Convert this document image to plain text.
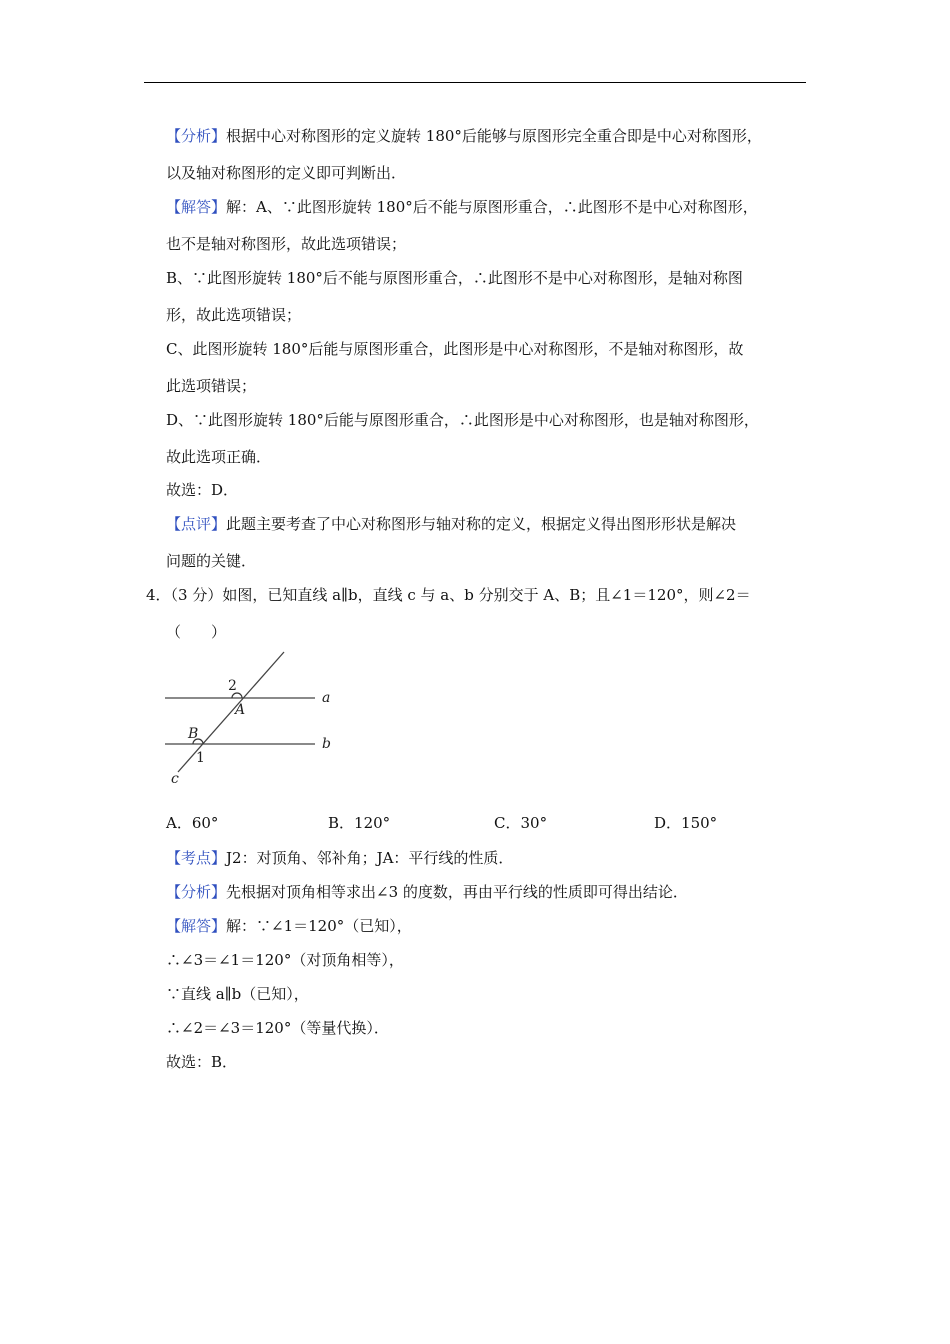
【分析】根据中心对称图形的定义旋转 180°后能够与原图形完全重合即是中心对称图形，
以及轴对称图形的定义即可判断出．
【解答】解：A、∵此图形旋转 180°后不能与原图形重合，∴此图形不是中心对称图形，
也不是轴对称图形，故此选项错误；
B、∵此图形旋转 180°后不能与原图形重合，∴此图形不是中心对称图形，是轴对称图
形，故此选项错误；
C、此图形旋转 180°后能与原图形重合，此图形是中心对称图形，不是轴对称图形，故
此选项错误；
D、∵此图形旋转 180°后能与原图形重合，∴此图形是中心对称图形，也是轴对称图形，
故此选项正确．
故选：D．
【点评】此题主要考查了中心对称图形与轴对称的定义，根据定义得出图形形状是解决
问题的关键．
4．（3 分）如图，已知直线 a∥b，直线 c 与 a、b 分别交于 A、B；且∠1＝120°，则∠2＝
（　　）
2
A
a
B
b
1
c
A．60°	B．120°	C．30°	D．150°
【考点】J2：对顶角、邻补角；JA：平行线的性质．
【分析】先根据对顶角相等求出∠3 的度数，再由平行线的性质即可得出结论．
【解答】解：∵∠1＝120°（已知），
∴∠3＝∠1＝120°（对顶角相等），
∵直线 a∥b（已知），
∴∠2＝∠3＝120°（等量代换）．
故选：B．
